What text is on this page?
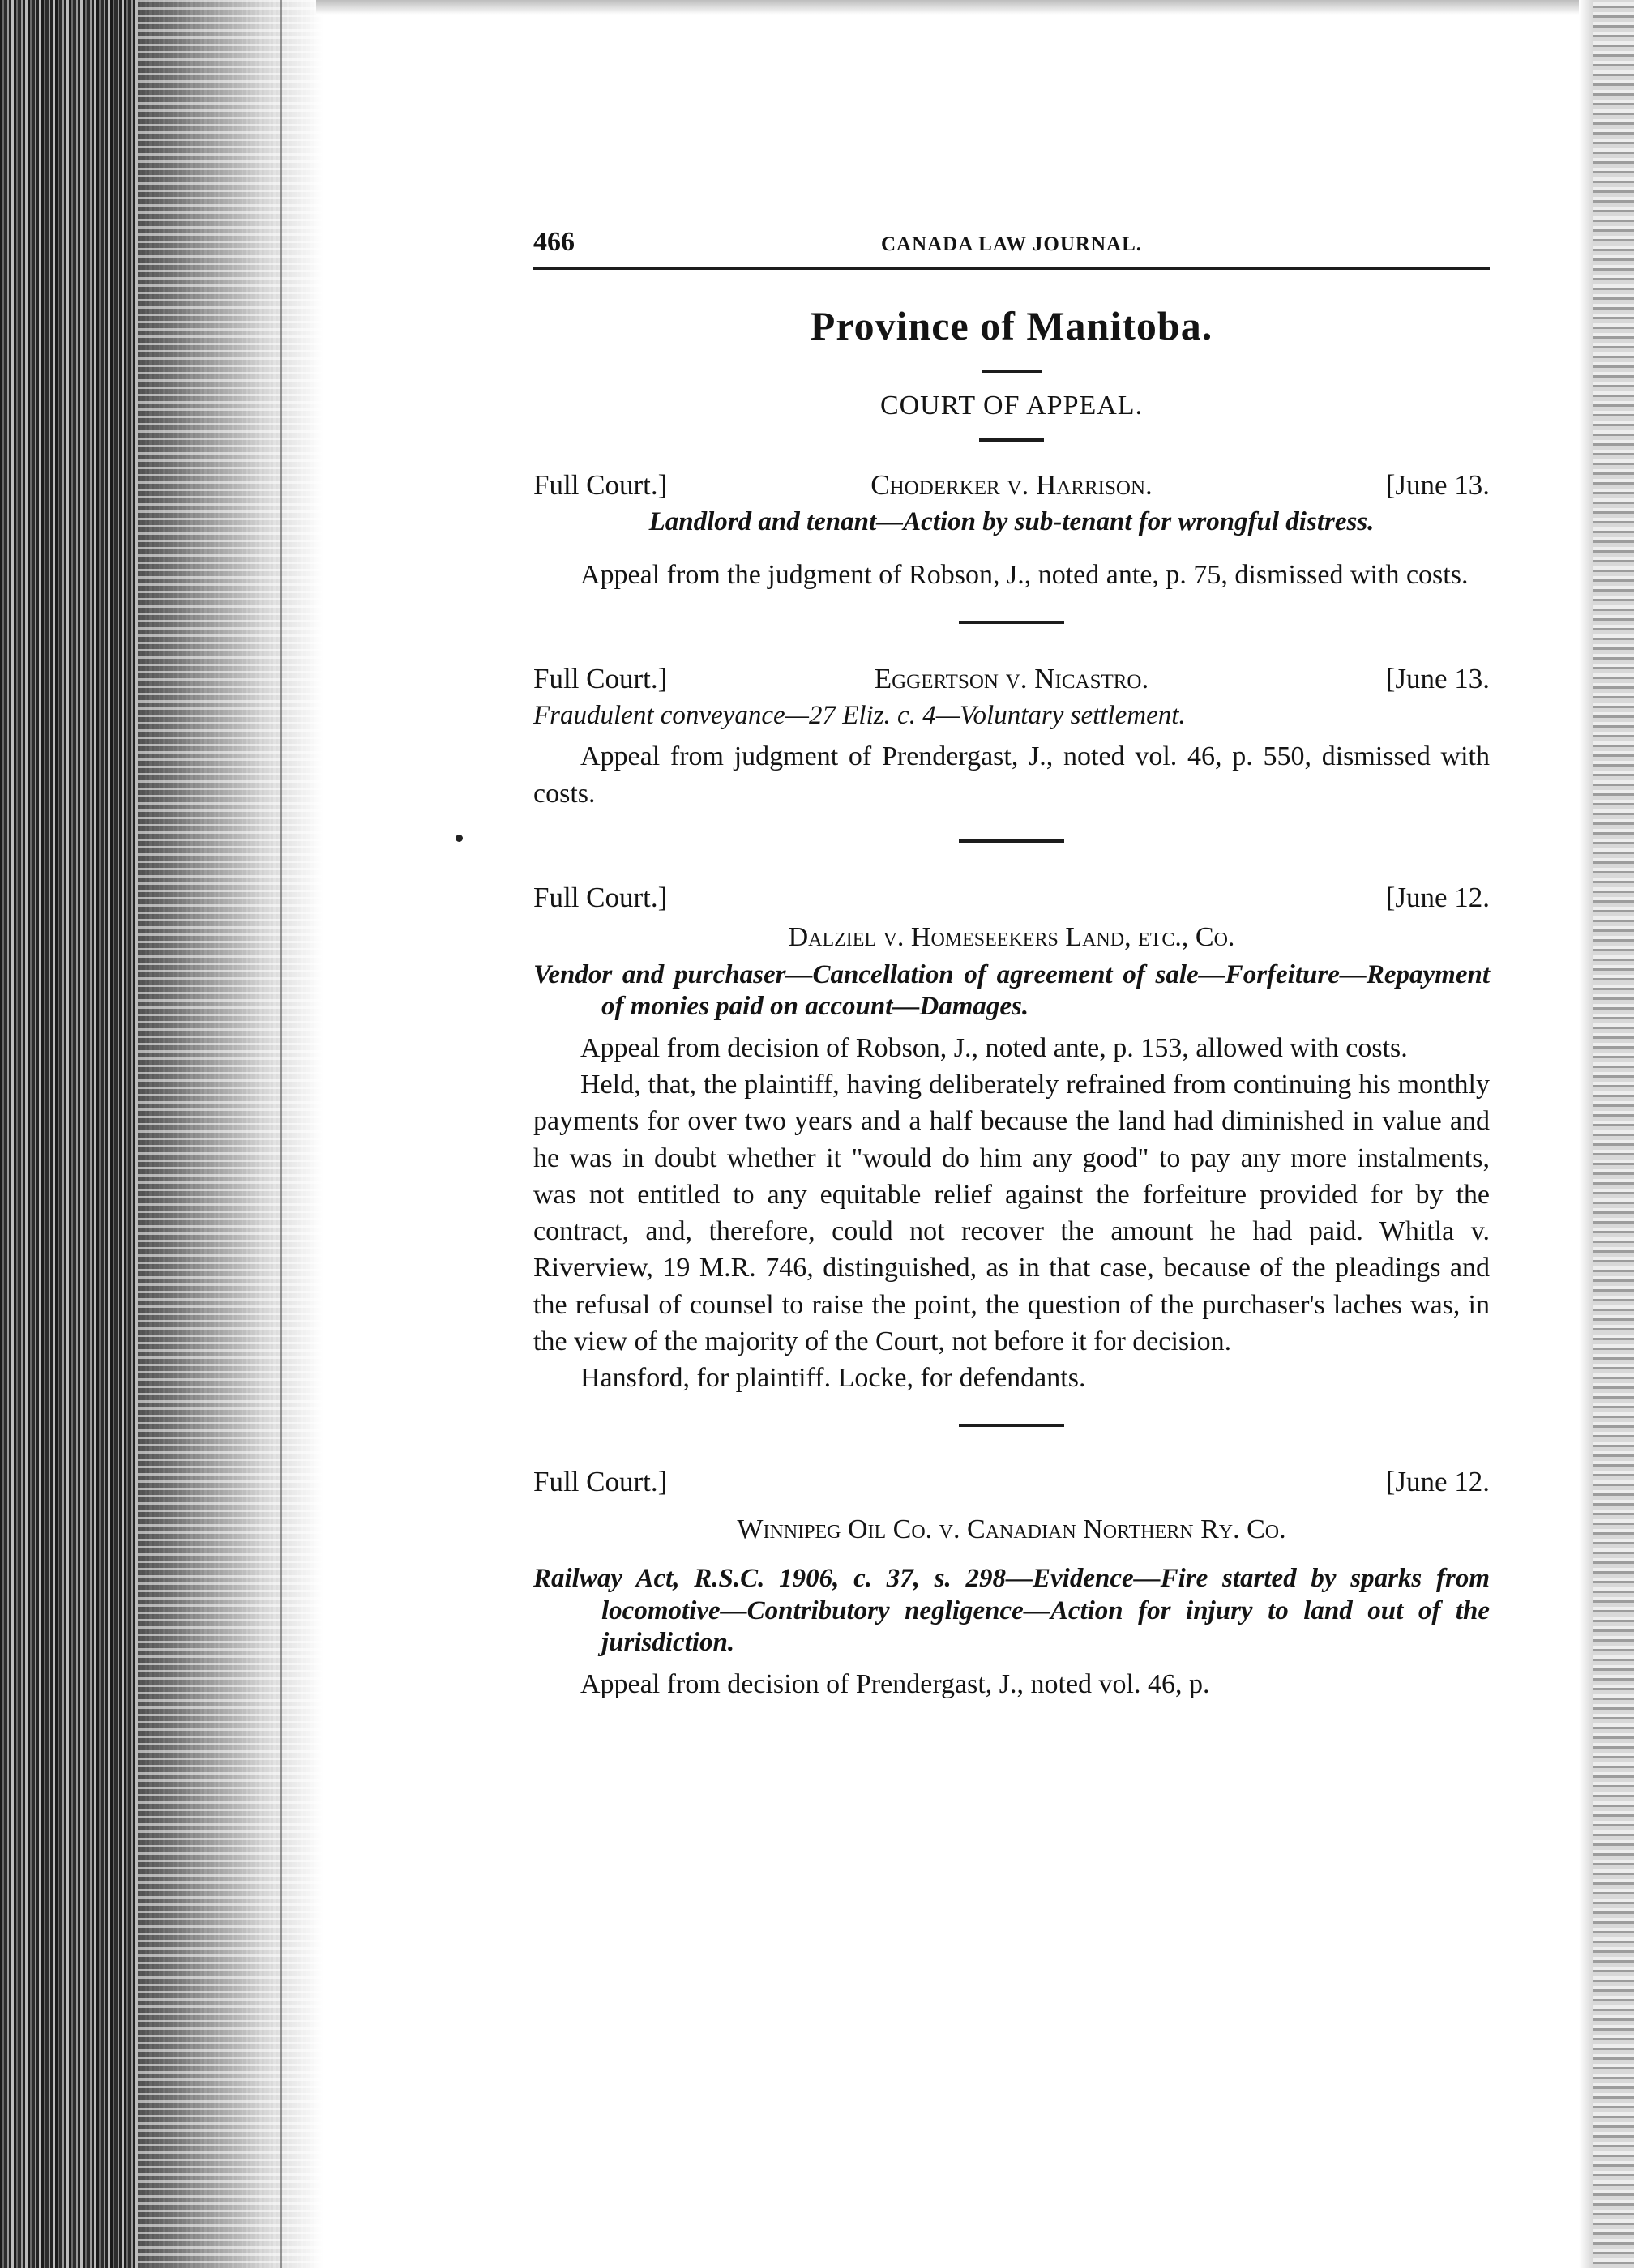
466	CANADA LAW JOURNAL.
Province of Manitoba.
COURT OF APPEAL.
Full Court.]	Choderker v. Harrison.	[June 13.
Landlord and tenant—Action by sub-tenant for wrongful distress.
Appeal from the judgment of Robson, J., noted ante, p. 75, dismissed with costs.
Full Court.]	Eggertson v. Nicastro.	[June 13.
Fraudulent conveyance—27 Eliz. c. 4—Voluntary settlement.
Appeal from judgment of Prendergast, J., noted vol. 46, p. 550, dismissed with costs.
Full Court.]	[June 12.
Dalziel v. Homeseekers Land, etc., Co.
Vendor and purchaser—Cancellation of agreement of sale—Forfeiture—Repayment of monies paid on account—Damages.
Appeal from decision of Robson, J., noted ante, p. 153, allowed with costs.
Held, that, the plaintiff, having deliberately refrained from continuing his monthly payments for over two years and a half because the land had diminished in value and he was in doubt whether it "would do him any good" to pay any more instalments, was not entitled to any equitable relief against the forfeiture provided for by the contract, and, therefore, could not recover the amount he had paid. Whitla v. Riverview, 19 M.R. 746, distinguished, as in that case, because of the pleadings and the refusal of counsel to raise the point, the question of the purchaser's laches was, in the view of the majority of the Court, not before it for decision.
Hansford, for plaintiff. Locke, for defendants.
Full Court.]	[June 12.
Winnipeg Oil Co. v. Canadian Northern Ry. Co.
Railway Act, R.S.C. 1906, c. 37, s. 298—Evidence—Fire started by sparks from locomotive—Contributory negligence—Action for injury to land out of the jurisdiction.
Appeal from decision of Prendergast, J., noted vol. 46, p.
